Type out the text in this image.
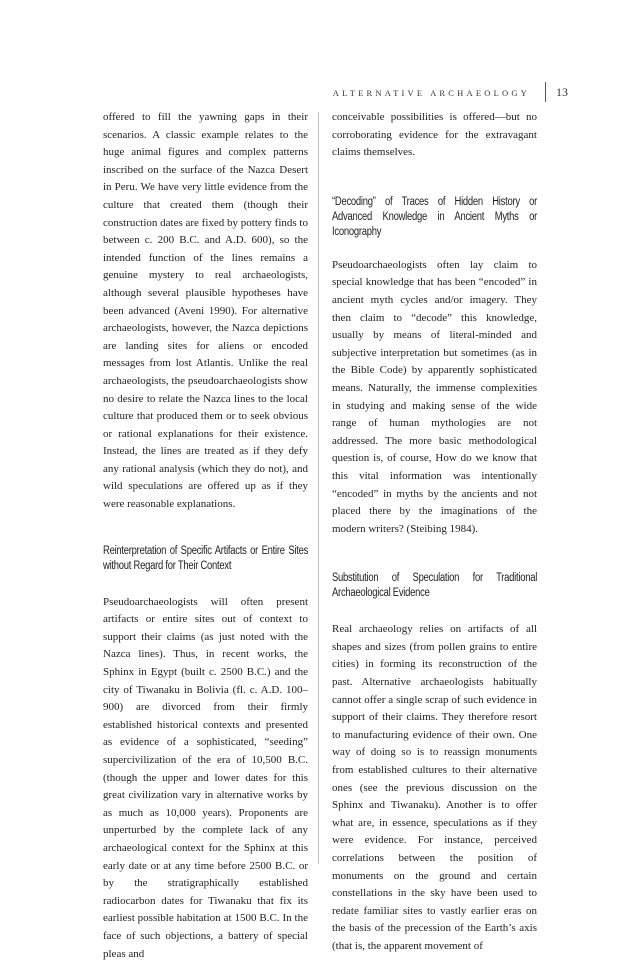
ALTERNATIVE ARCHAEOLOGY 13

offered to fill the yawning gaps in their scenarios. A classic example relates to the huge animal figures and complex patterns inscribed on the surface of the Nazca Desert in Peru. We have very little evidence from the culture that created them (though their construction dates are fixed by pottery finds to between c. 200 B.C. and A.D. 600), so the intended function of the lines remains a genuine mystery to real archaeologists, although several plausible hypotheses have been advanced (Aveni 1990). For alternative archaeologists, however, the Nazca depictions are landing sites for aliens or encoded messages from lost Atlantis. Unlike the real archaeologists, the pseudoarchaeologists show no desire to relate the Nazca lines to the local culture that produced them or to seek obvious or rational explanations for their existence. Instead, the lines are treated as if they defy any rational analysis (which they do not), and wild speculations are offered up as if they were reasonable explanations.

Reinterpretation of Specific Artifacts or Entire Sites without Regard for Their Context

Pseudoarchaeologists will often present artifacts or entire sites out of context to support their claims (as just noted with the Nazca lines). Thus, in recent works, the Sphinx in Egypt (built c. 2500 B.C.) and the city of Tiwanaku in Bolivia (fl. c. A.D. 100–900) are divorced from their firmly established historical contexts and presented as evidence of a sophisticated, “seeding” supercivilization of the era of 10,500 B.C. (though the upper and lower dates for this great civilization vary in alternative works by as much as 10,000 years). Proponents are unperturbed by the complete lack of any archaeological context for the Sphinx at this early date or at any time before 2500 B.C. or by the stratigraphically established radiocarbon dates for Tiwanaku that fix its earliest possible habitation at 1500 B.C. In the face of such objections, a battery of special pleas and

conceivable possibilities is offered—but no corroborating evidence for the extravagant claims themselves.

“Decoding” of Traces of Hidden History or Advanced Knowledge in Ancient Myths or Iconography

Pseudoarchaeologists often lay claim to special knowledge that has been “encoded” in ancient myth cycles and/or imagery. They then claim to “decode” this knowledge, usually by means of literal-minded and subjective interpretation but sometimes (as in the Bible Code) by apparently sophisticated means. Naturally, the immense complexities in studying and making sense of the wide range of human mythologies are not addressed. The more basic methodological question is, of course, How do we know that this vital information was intentionally “encoded” in myths by the ancients and not placed there by the imaginations of the modern writers? (Steibing 1984).

Substitution of Speculation for Traditional Archaeological Evidence

Real archaeology relies on artifacts of all shapes and sizes (from pollen grains to entire cities) in forming its reconstruction of the past. Alternative archaeologists habitually cannot offer a single scrap of such evidence in support of their claims. They therefore resort to manufacturing evidence of their own. One way of doing so is to reassign monuments from established cultures to their alternative ones (see the previous discussion on the Sphinx and Tiwanaku). Another is to offer what are, in essence, speculations as if they were evidence. For instance, perceived correlations between the position of monuments on the ground and certain constellations in the sky have been used to redate familiar sites to vastly earlier eras on the basis of the precession of the Earth’s axis (that is, the apparent movement of
